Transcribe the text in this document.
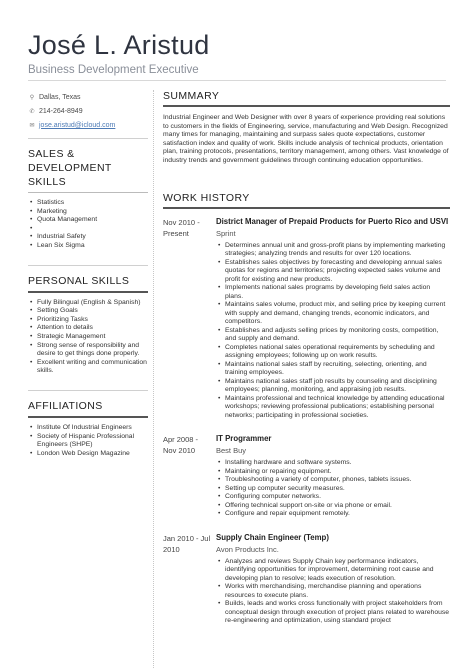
José L. Aristud
Business Development Executive
⚲ Dallas, Texas
✆ 214-264-8949
✉ jose.aristud@icloud.com
SALES & DEVELOPMENT SKILLS
• Statistics
• Marketing
• Quota Management
•
• Industrial Safety
• Lean Six Sigma
PERSONAL SKILLS
• Fully Bilingual (English & Spanish)
• Setting Goals
• Prioritizing Tasks
• Attention to details
• Strategic Management
• Strong sense of responsibility and desire to get things done properly.
• Excellent writing and communication skills.
AFFILIATIONS
• Institute Of Industrial Engineers
• Society of Hispanic Professional Engineers (SHPE)
• London Web Design Magazine
SUMMARY

Industrial Engineer and Web Designer with over 8 years of experience providing real solutions to customers in the fields of Engineering, service, manufacturing and Web Design. Recognized many times for managing, maintaining and surpass sales quote expectations, customer satisfaction index and quality of work. Skills include analysis of technical products, orientation plan, training protocols, presentations, territory management, among others. Vast knowledge of industry trends and government guidelines through continuing education opportunities.

WORK HISTORY
Nov 2010 -
Present
District Manager of Prepaid Products for Puerto Rico and USVI
Sprint
• Determines annual unit and gross-profit plans by implementing marketing strategies; analyzing trends and results for over 120 locations.
• Establishes sales objectives by forecasting and developing annual sales quotas for regions and territories; projecting expected sales volume and profit for existing and new products.
• Implements national sales programs by developing field sales action plans.
• Maintains sales volume, product mix, and selling price by keeping current with supply and demand, changing trends, economic indicators, and competitors.
• Establishes and adjusts selling prices by monitoring costs, competition, and supply and demand.
• Completes national sales operational requirements by scheduling and assigning employees; following up on work results.
• Maintains national sales staff by recruiting, selecting, orienting, and training employees.
• Maintains national sales staff job results by counseling and disciplining employees; planning, monitoring, and appraising job results.
• Maintains professional and technical knowledge by attending educational workshops; reviewing professional publications; establishing personal networks; participating in professional societies.
Apr 2008 -
Nov 2010
IT Programmer
Best Buy
• Installing hardware and software systems.
• Maintaining or repairing equipment.
• Troubleshooting a variety of computer, phones, tablets issues.
• Setting up computer security measures.
• Configuring computer networks.
• Offering technical support on-site or via phone or email.
• Configure and repair equipment remotely.
Jan 2010 - Jul
2010
Supply Chain Engineer (Temp)
Avon Products Inc.
• Analyzes and reviews Supply Chain key performance indicators, identifying opportunities for improvement, determining root cause and developing plan to resolve; leads execution of resolution.
• Works with merchandising, merchandise planning and operations resources to execute plans.
• Builds, leads and works cross functionally with project stakeholders from conceptual design through execution of project plans related to warehouse re-engineering and optimization, using standard project
